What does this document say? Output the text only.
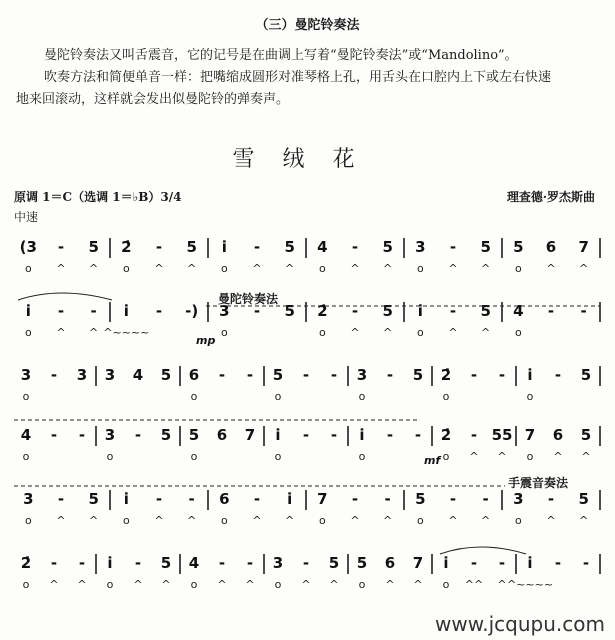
（三）曼陀铃奏法
曼陀铃奏法又叫舌震音，它的记号是在曲调上写着“曼陀铃奏法”或“Mandolino”。
吹奏方法和简便单音一样：把嘴缩成圆形对准琴格上孔，用舌头在口腔内上下或左右快速
地来回滚动，这样就会发出似曼陀铃的弹奏声。
雪绒花
原调 1＝C（选调 1＝♭B）3/4	理查德·罗杰斯曲
中速
曼陀铃奏法
手震音奏法
(3
o
-
^
5
^
2̇
o
-
^
5
^
i̇
o
-
^
5
^
4
o
-
^
5
^
3
o
-
^
5
^
5
o
6
^
7
^
i̇
o
-
^
-
^
i̇
^~~~~
- -) 3
o
- 5 2̇
o
-
^
5
^
i̇
o
-
^
5
^
4
o
- -
3
o
- 3 3 4 5 6
o
- - 5
o
- - 3
o
- 5 2̇
o
- - i̇
o
- 5
4
o
- - 3
o
- 5 5
o
6 7 i̇
o
- - i̇
o
- - 2̇
o
-
^
55
^
7
o
6
^
5
^
3
o
-
^
5
^
i̇
o
-
^
-
^
6
o
-
^
i̇
^
7
o
-
^
-
^
5
o
-
^
-
^
3
o
-
^
5
^
2̇
o
-
^
-
^
i̇
o
-
^
5
^
4
o
-
^
-
^
3
o
-
^
5
^
5
o
6
^
7
^
i̇
o
-
^^
-
^
i̇
^~~~~
- -
mp
mf
www.jcqupu.com
